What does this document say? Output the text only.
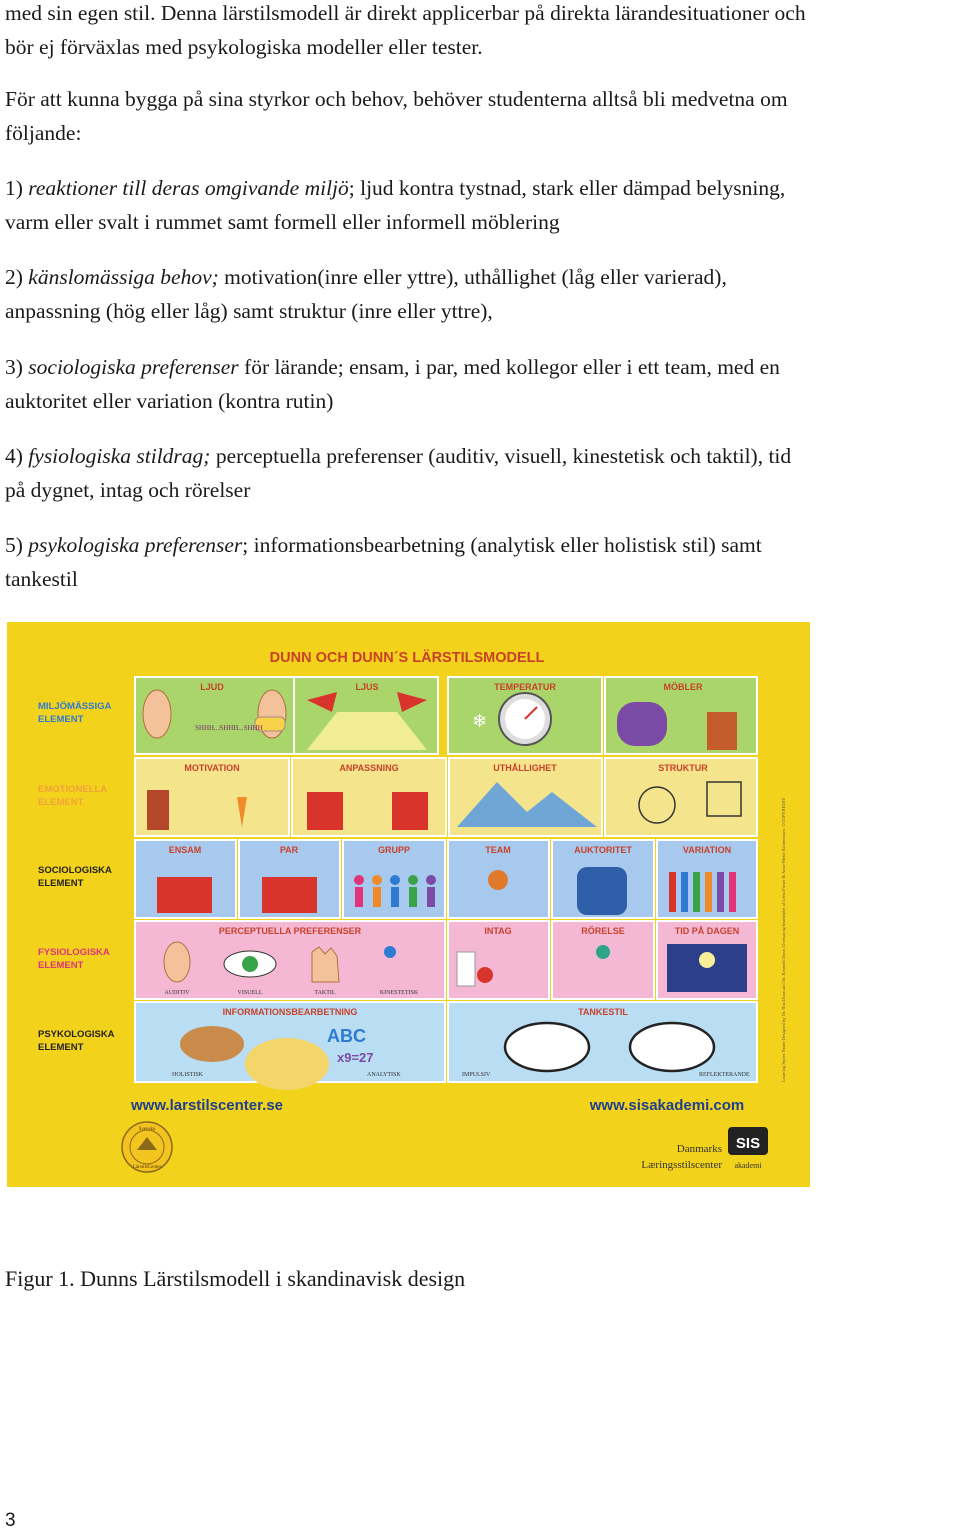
med sin egen stil. Denna lärstilsmodell är direkt applicerbar på direkta lärandesituationer och
bör ej förväxlas med psykologiska modeller eller tester.
För att kunna bygga på sina styrkor och behov, behöver studenterna alltså bli medvetna om
följande:
1) reaktioner till deras omgivande miljö; ljud kontra tystnad, stark eller dämpad belysning,
varm eller svalt i rummet samt formell eller informell möblering
2) känslomässiga behov; motivation(inre eller yttre), uthållighet (låg eller varierad),
anpassning (hög eller låg) samt struktur (inre eller yttre),
3) sociologiska preferenser för lärande; ensam, i par, med kollegor eller i ett team, med en
auktoritet eller variation (kontra rutin)
4) fysiologiska stildrag; perceptuella preferenser (auditiv, visuell, kinestetisk och taktil), tid
på dygnet, intag och rörelser
5) psykologiska preferenser; informationsbearbetning (analytisk eller holistisk stil) samt
tankestil
DUNN OCH DUNN´S LÄRSTILSMODELL
MILJÖMÄSSIGA
ELEMENT
EMOTIONELLA
ELEMENT
SOCIOLOGISKA
ELEMENT
FYSIOLOGISKA
ELEMENT
PSYKOLOGISKA
ELEMENT
LJUD	LJUS	TEMPERATUR	MÖBLER
SHHH...SHHH...SHHH	❄
MOTIVATION	ANPASSNING	UTHÅLLIGHET	STRUKTUR
ENSAM	PAR	GRUPP	TEAM	AUKTORITET	VARIATION
PERCEPTUELLA PREFERENSER	INTAG	RÖRELSE	TID PÅ DAGEN
AUDITIV	VISUELL	TAKTIL	KINESTETISK
INFORMATIONSBEARBETNING	TANKESTIL
ABC
x9=27
HOLISTISK	ANALYTISK	IMPULSIV	REFLEKTERANDE	Learning Styles Poster Designed by Dr. Rita Dunn and Dr. Kenneth Dunn. Oversat og bearbejdet af Lefta Plexer & Anne-Mette Salomonsen. ©COPYRIGHT
www.larstilscenter.se	www.sisakademi.com
Svenska
LärstilsCenter
Danmarks
Læringsstilscenter
SIS
akademi
Figur 1. Dunns Lärstilsmodell i skandinavisk design
3
